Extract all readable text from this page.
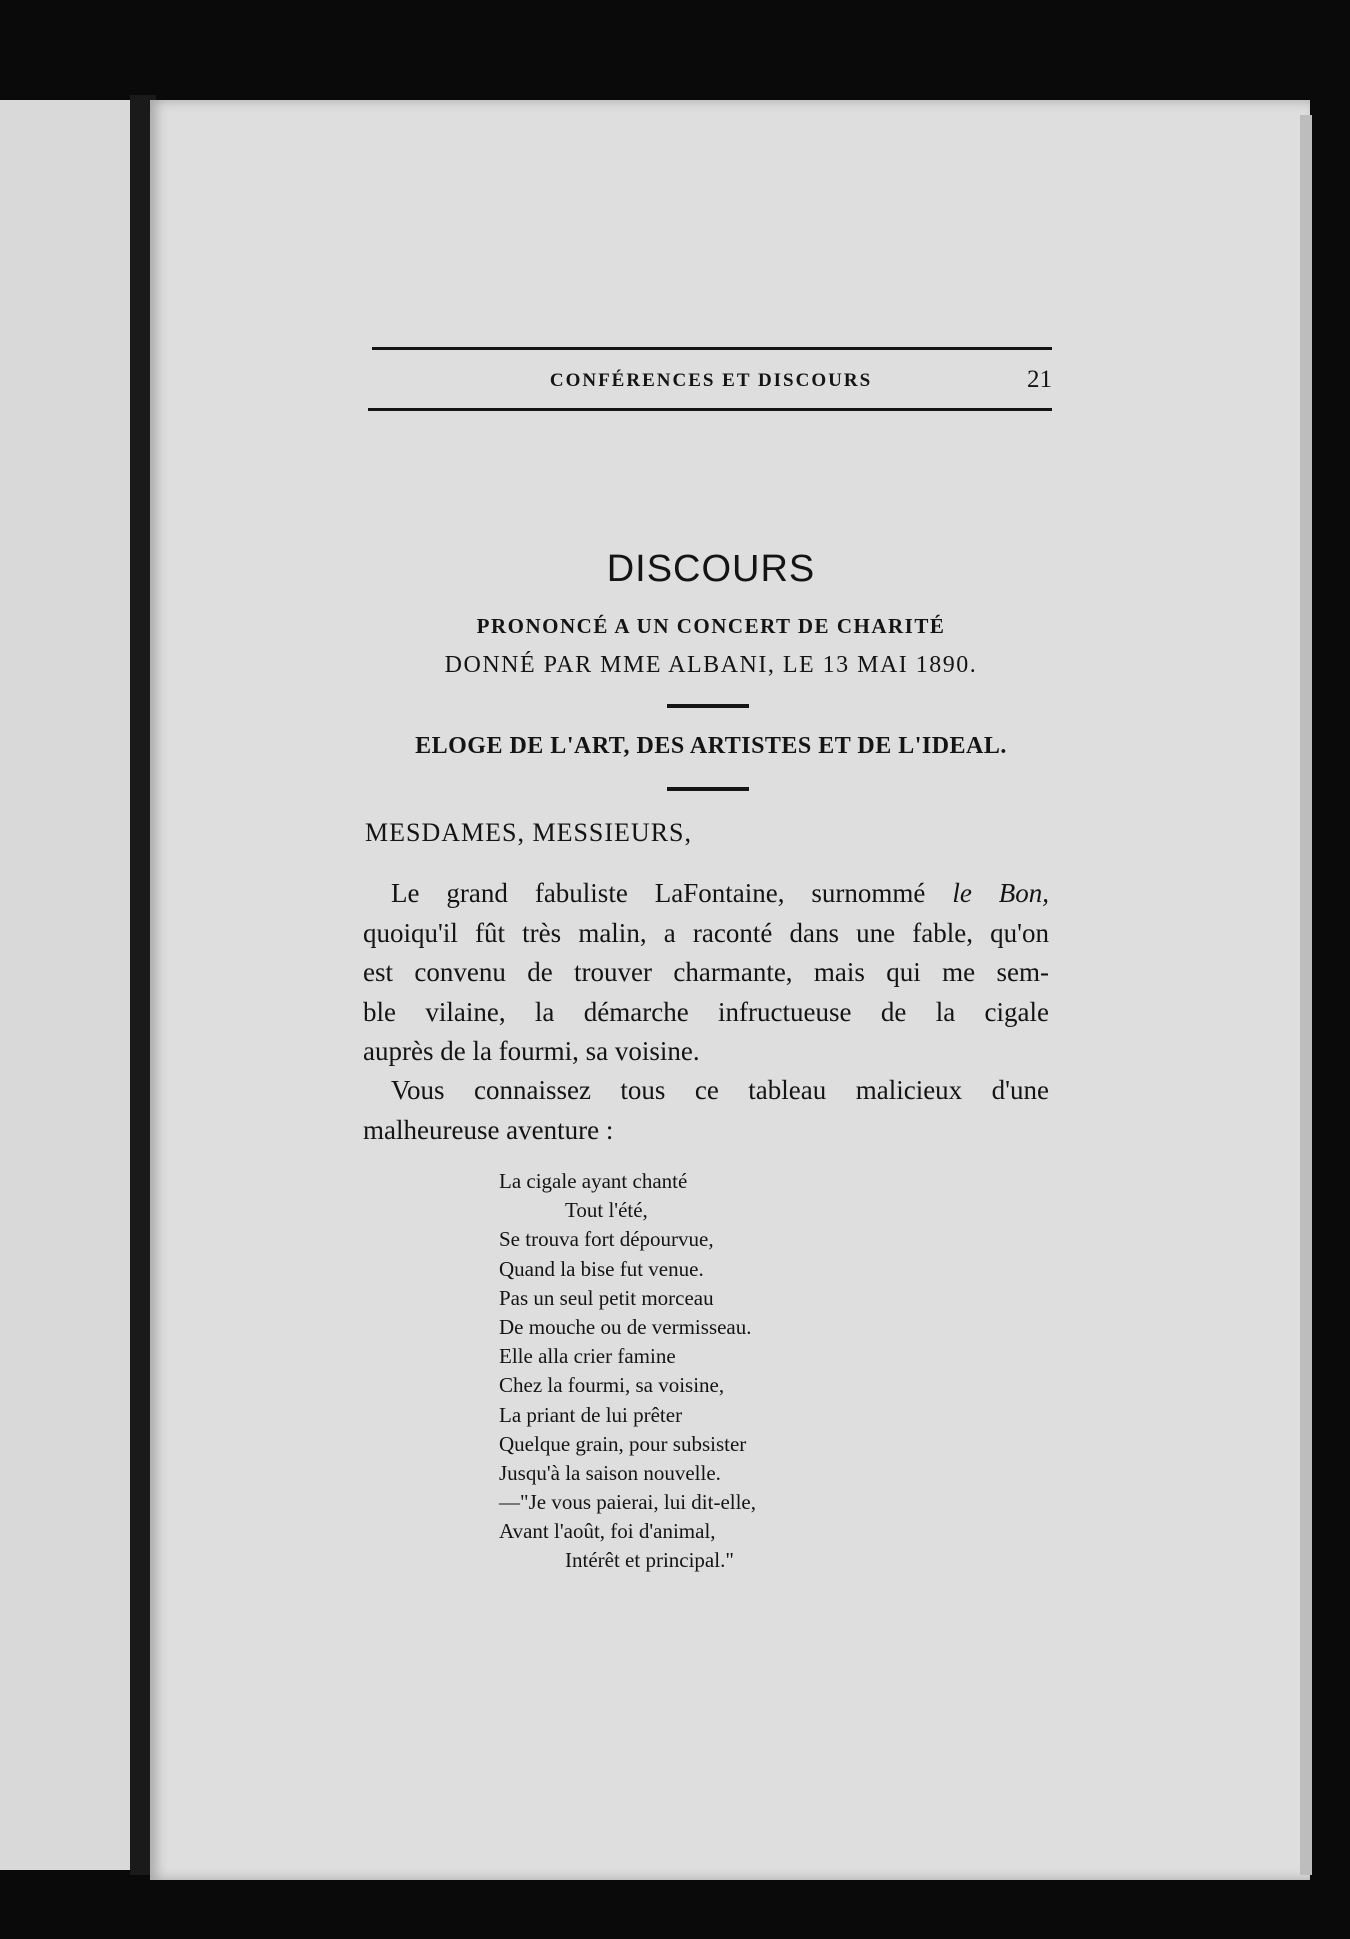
CONFÉRENCES ET DISCOURS	21
DISCOURS
PRONONCÉ A UN CONCERT DE CHARITÉ
DONNÉ PAR MME ALBANI, LE 13 MAI 1890.
ELOGE DE L'ART, DES ARTISTES ET DE L'IDEAL.
MESDAMES, MESSIEURS,
Le grand fabuliste LaFontaine, surnommé le Bon,
quoiqu'il fût très malin, a raconté dans une fable, qu'on
est convenu de trouver charmante, mais qui me sem-
ble vilaine, la démarche infructueuse de la cigale
auprès de la fourmi, sa voisine.
Vous connaissez tous ce tableau malicieux d'une
malheureuse aventure :
La cigale ayant chanté
Tout l'été,
Se trouva fort dépourvue,
Quand la bise fut venue.
Pas un seul petit morceau
De mouche ou de vermisseau.
Elle alla crier famine
Chez la fourmi, sa voisine,
La priant de lui prêter
Quelque grain, pour subsister
Jusqu'à la saison nouvelle.
—"Je vous paierai, lui dit-elle,
Avant l'août, foi d'animal,
Intérêt et principal."
